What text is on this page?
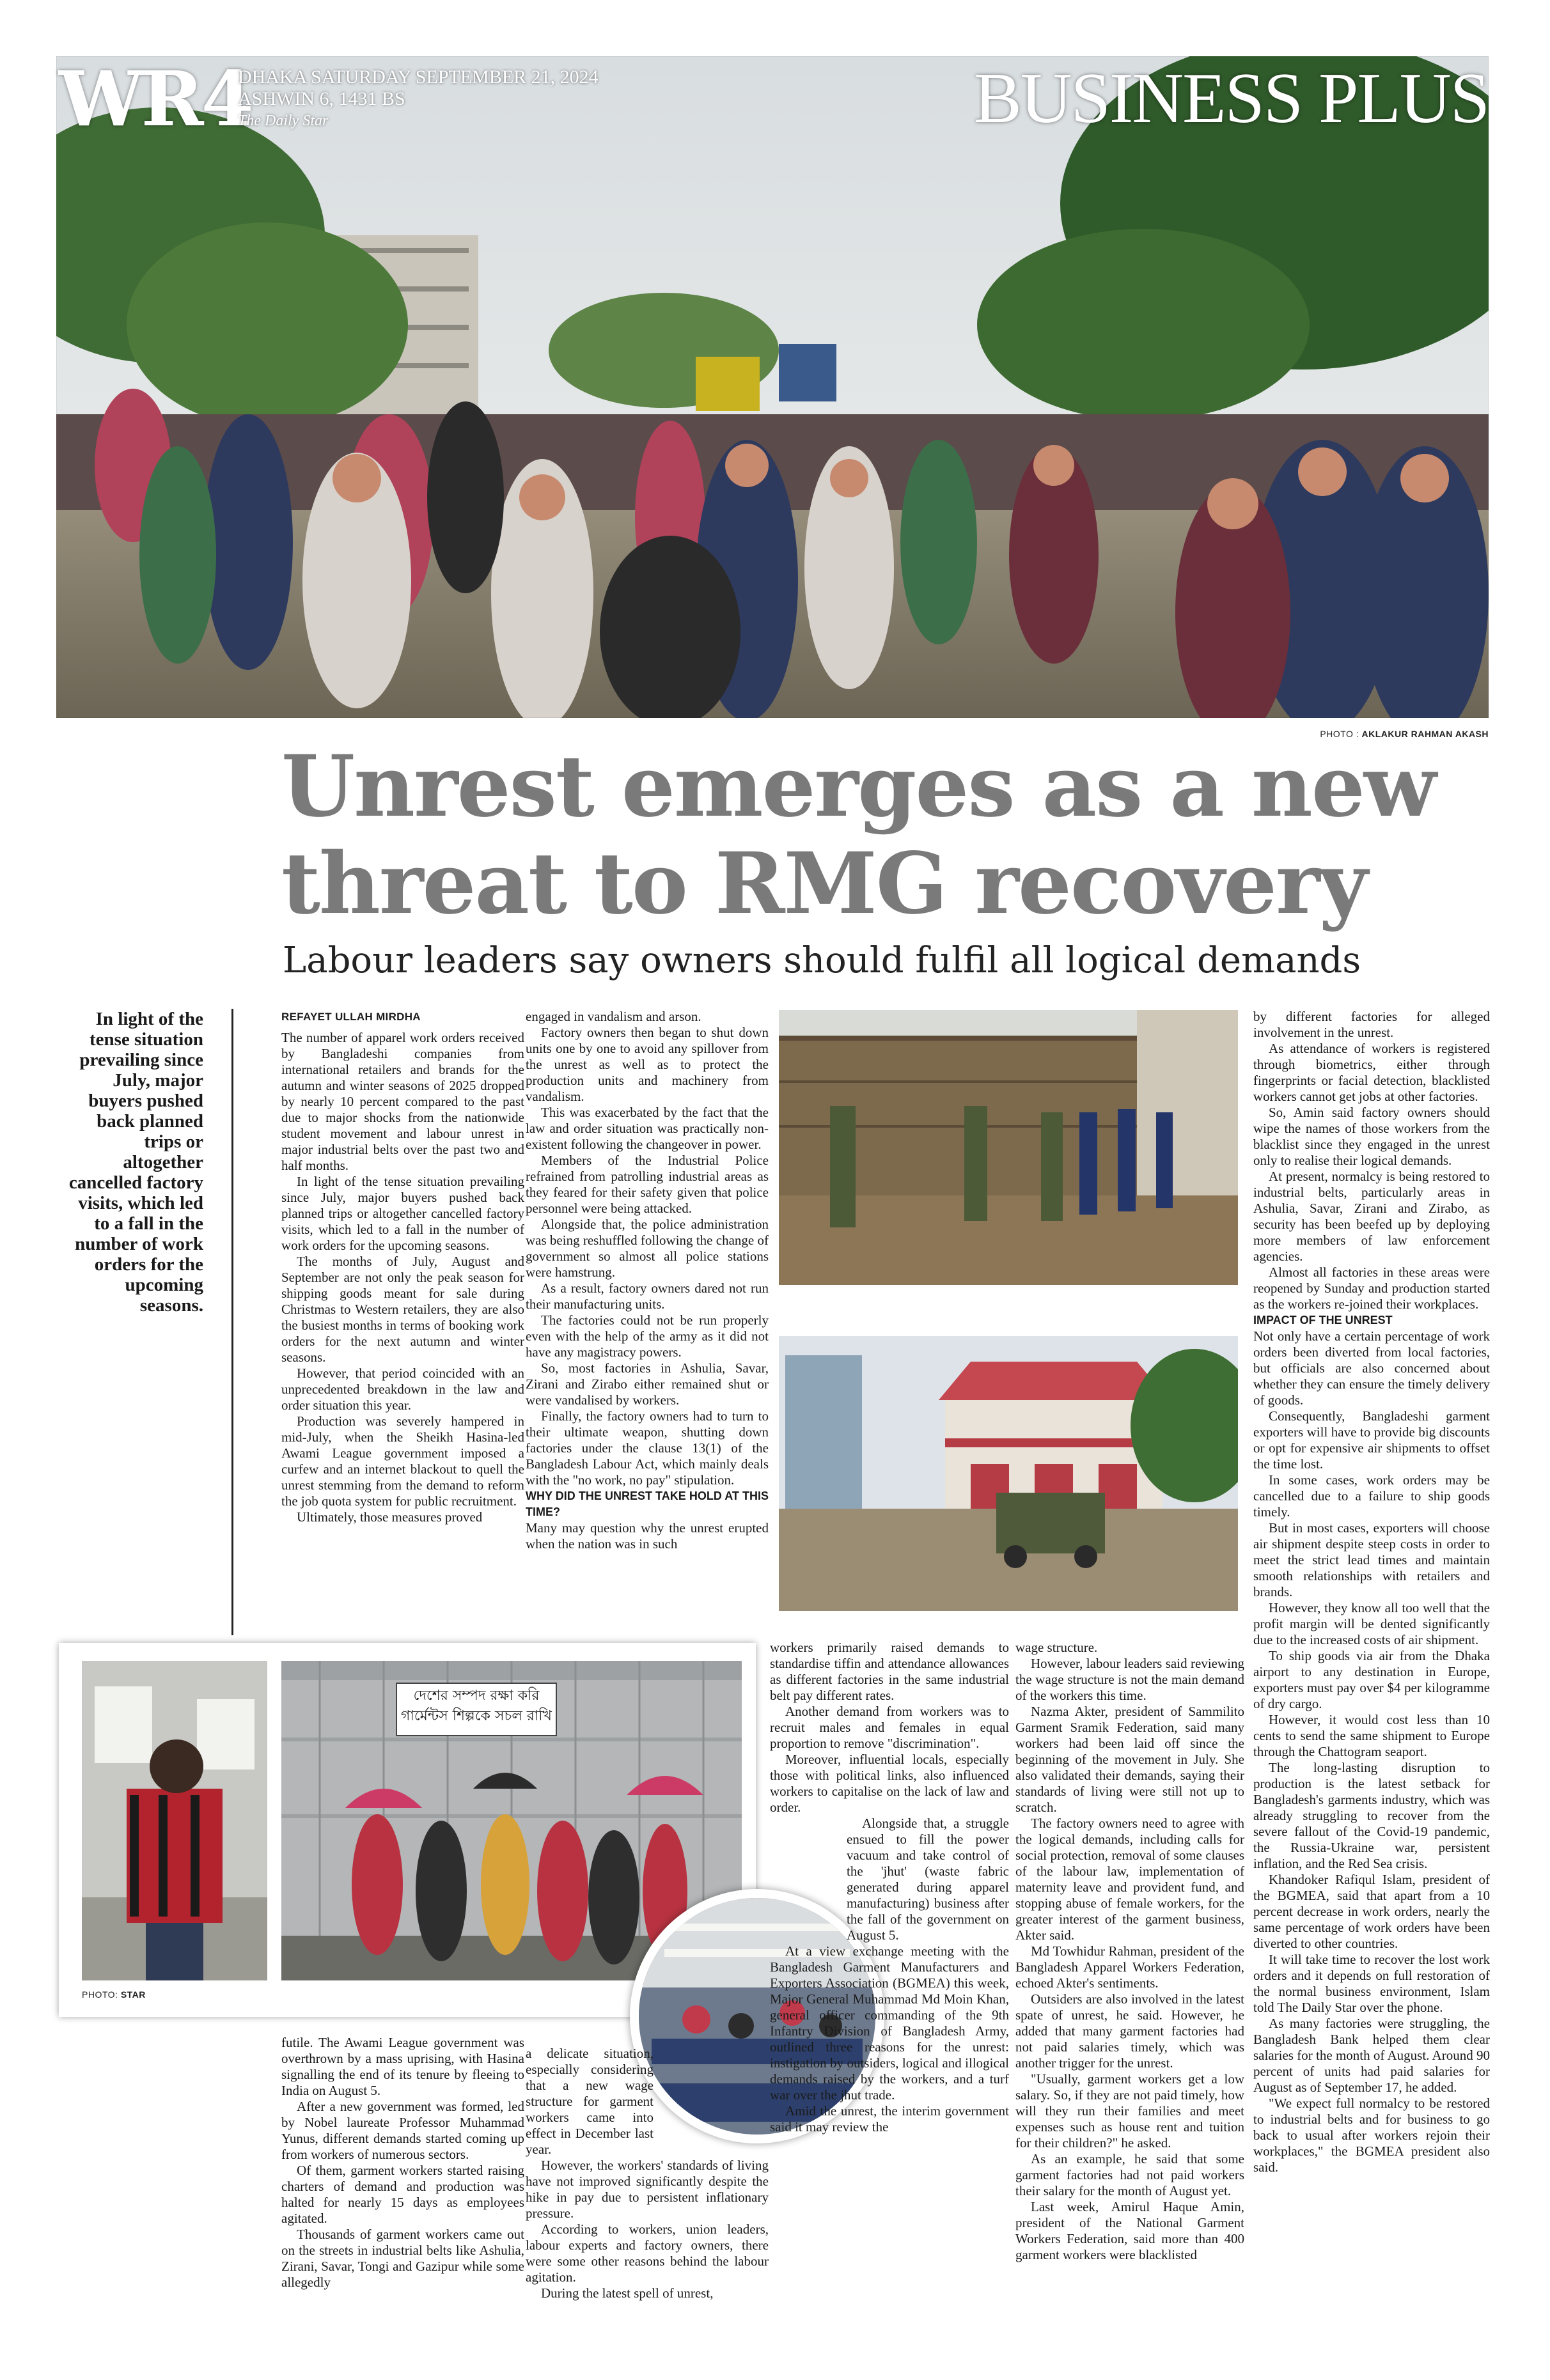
WR4
DHAKA SATURDAY SEPTEMBER 21, 2024
ASHWIN 6, 1431 BS
The Daily Star	BUSINESS PLUS
PHOTO : AKLAKUR RAHMAN AKASH
Unrest emerges as a new
threat to RMG recovery
Labour leaders say owners should fulfil all logical demands
In light of the tense situation prevailing since July, major buyers pushed back planned trips or altogether cancelled factory visits, which led to a fall in the number of work orders for the upcoming seasons.
REFAYET ULLAH MIRDHA

The number of apparel work orders received by Bangladeshi companies from international retailers and brands for the autumn and winter seasons of 2025 dropped by nearly 10 percent compared to the past due to major shocks from the nationwide student movement and labour unrest in major industrial belts over the past two and half months.

In light of the tense situation prevailing since July, major buyers pushed back planned trips or altogether cancelled factory visits, which led to a fall in the number of work orders for the upcoming seasons.

The months of July, August and September are not only the peak season for shipping goods meant for sale during Christmas to Western retailers, they are also the busiest months in terms of booking work orders for the next autumn and winter seasons.

However, that period coincided with an unprecedented breakdown in the law and order situation this year.

Production was severely hampered in mid-July, when the Sheikh Hasina-led Awami League government imposed a curfew and an internet blackout to quell the unrest stemming from the demand to reform the job quota system for public recruitment.

Ultimately, those measures proved

engaged in vandalism and arson.

Factory owners then began to shut down units one by one to avoid any spillover from the unrest as well as to protect the production units and machinery from vandalism.

This was exacerbated by the fact that the law and order situation was practically non-existent following the changeover in power.

Members of the Industrial Police refrained from patrolling industrial areas as they feared for their safety given that police personnel were being attacked.

Alongside that, the police administration was being reshuffled following the change of government so almost all police stations were hamstrung.

As a result, factory owners dared not run their manufacturing units.

The factories could not be run properly even with the help of the army as it did not have any magistracy powers.

So, most factories in Ashulia, Savar, Zirani and Zirabo either remained shut or were vandalised by workers.

Finally, the factory owners had to turn to their ultimate weapon, shutting down factories under the clause 13(1) of the Bangladesh Labour Act, which mainly deals with the "no work, no pay" stipulation.

WHY DID THE UNREST TAKE HOLD AT THIS TIME?

Many may question why the unrest erupted when the nation was in such

by different factories for alleged involvement in the unrest.

As attendance of workers is registered through biometrics, either through fingerprints or facial detection, blacklisted workers cannot get jobs at other factories.

So, Amin said factory owners should wipe the names of those workers from the blacklist since they engaged in the unrest only to realise their logical demands.

At present, normalcy is being restored to industrial belts, particularly areas in Ashulia, Savar, Zirani and Zirabo, as security has been beefed up by deploying more members of law enforcement agencies.

Almost all factories in these areas were reopened by Sunday and production started as the workers re-joined their workplaces.

IMPACT OF THE UNREST

Not only have a certain percentage of work orders been diverted from local factories, but officials are also concerned about whether they can ensure the timely delivery of goods.

Consequently, Bangladeshi garment exporters will have to provide big discounts or opt for expensive air shipments to offset the time lost.

In some cases, work orders may be cancelled due to a failure to ship goods timely.

But in most cases, exporters will choose air shipment despite steep costs in order to meet the strict lead times and maintain smooth relationships with retailers and brands.

However, they know all too well that the profit margin will be dented significantly due to the increased costs of air shipment.

To ship goods via air from the Dhaka airport to any destination in Europe, exporters must pay over $4 per kilogramme of dry cargo.

However, it would cost less than 10 cents to send the same shipment to Europe through the Chattogram seaport.

The long-lasting disruption to production is the latest setback for Bangladesh's garments industry, which was already struggling to recover from the severe fallout of the Covid-19 pandemic, the Russia-Ukraine war, persistent inflation, and the Red Sea crisis.

Khandoker Rafiqul Islam, president of the BGMEA, said that apart from a 10 percent decrease in work orders, nearly the same percentage of work orders have been diverted to other countries.

It will take time to recover the lost work orders and it depends on full restoration of the normal business environment, Islam told The Daily Star over the phone.

As many factories were struggling, the Bangladesh Bank helped them clear salaries for the month of August. Around 90 percent of units had paid salaries for August as of September 17, he added.

"We expect full normalcy to be restored to industrial belts and for business to go back to usual after workers rejoin their workplaces," the BGMEA president also said.

দেশের সম্পদ রক্ষা করি গার্মেন্টস শিল্পকে সচল রাখি
PHOTO: STAR

futile. The Awami League government was overthrown by a mass uprising, with Hasina signalling the end of its tenure by fleeing to India on August 5.

After a new government was formed, led by Nobel laureate Professor Muhammad Yunus, different demands started coming up from workers of numerous sectors.

Of them, garment workers started raising charters of demand and production was halted for nearly 15 days as employees agitated.

Thousands of garment workers came out on the streets in industrial belts like Ashulia, Zirani, Savar, Tongi and Gazipur while some allegedly

a delicate situation, especially considering that a new wage structure for garment workers came into effect in December last year.

However, the workers' standards of living have not improved significantly despite the hike in pay due to persistent inflationary pressure.

According to workers, union leaders, labour experts and factory owners, there were some other reasons behind the labour agitation.

During the latest spell of unrest,

workers primarily raised demands to standardise tiffin and attendance allowances as different factories in the same industrial belt pay different rates.

Another demand from workers was to recruit males and females in equal proportion to remove "discrimination".

Moreover, influential locals, especially those with political links, also influenced workers to capitalise on the lack of law and order.

Alongside that, a struggle ensued to fill the power vacuum and take control of the 'jhut' (waste fabric generated during apparel manufacturing) business after the fall of the government on August 5.

At a view exchange meeting with the Bangladesh Garment Manufacturers and Exporters Association (BGMEA) this week, Major General Muhammad Md Moin Khan, general officer commanding of the 9th Infantry Division of Bangladesh Army, outlined three reasons for the unrest: instigation by outsiders, logical and illogical demands raised by the workers, and a turf war over the jhut trade.

Amid the unrest, the interim government said it may review the

wage structure.

However, labour leaders said reviewing the wage structure is not the main demand of the workers this time.

Nazma Akter, president of Sammilito Garment Sramik Federation, said many workers had been laid off since the beginning of the movement in July. She also validated their demands, saying their standards of living were still not up to scratch.

The factory owners need to agree with the logical demands, including calls for social protection, removal of some clauses of the labour law, implementation of maternity leave and provident fund, and stopping abuse of female workers, for the greater interest of the garment business, Akter said.

Md Towhidur Rahman, president of the Bangladesh Apparel Workers Federation, echoed Akter's sentiments.

Outsiders are also involved in the latest spate of unrest, he said. However, he added that many garment factories had not paid salaries timely, which was another trigger for the unrest.

"Usually, garment workers get a low salary. So, if they are not paid timely, how will they run their families and meet expenses such as house rent and tuition for their children?" he asked.

As an example, he said that some garment factories had not paid workers their salary for the month of August yet.

Last week, Amirul Haque Amin, president of the National Garment Workers Federation, said more than 400 garment workers were blacklisted
